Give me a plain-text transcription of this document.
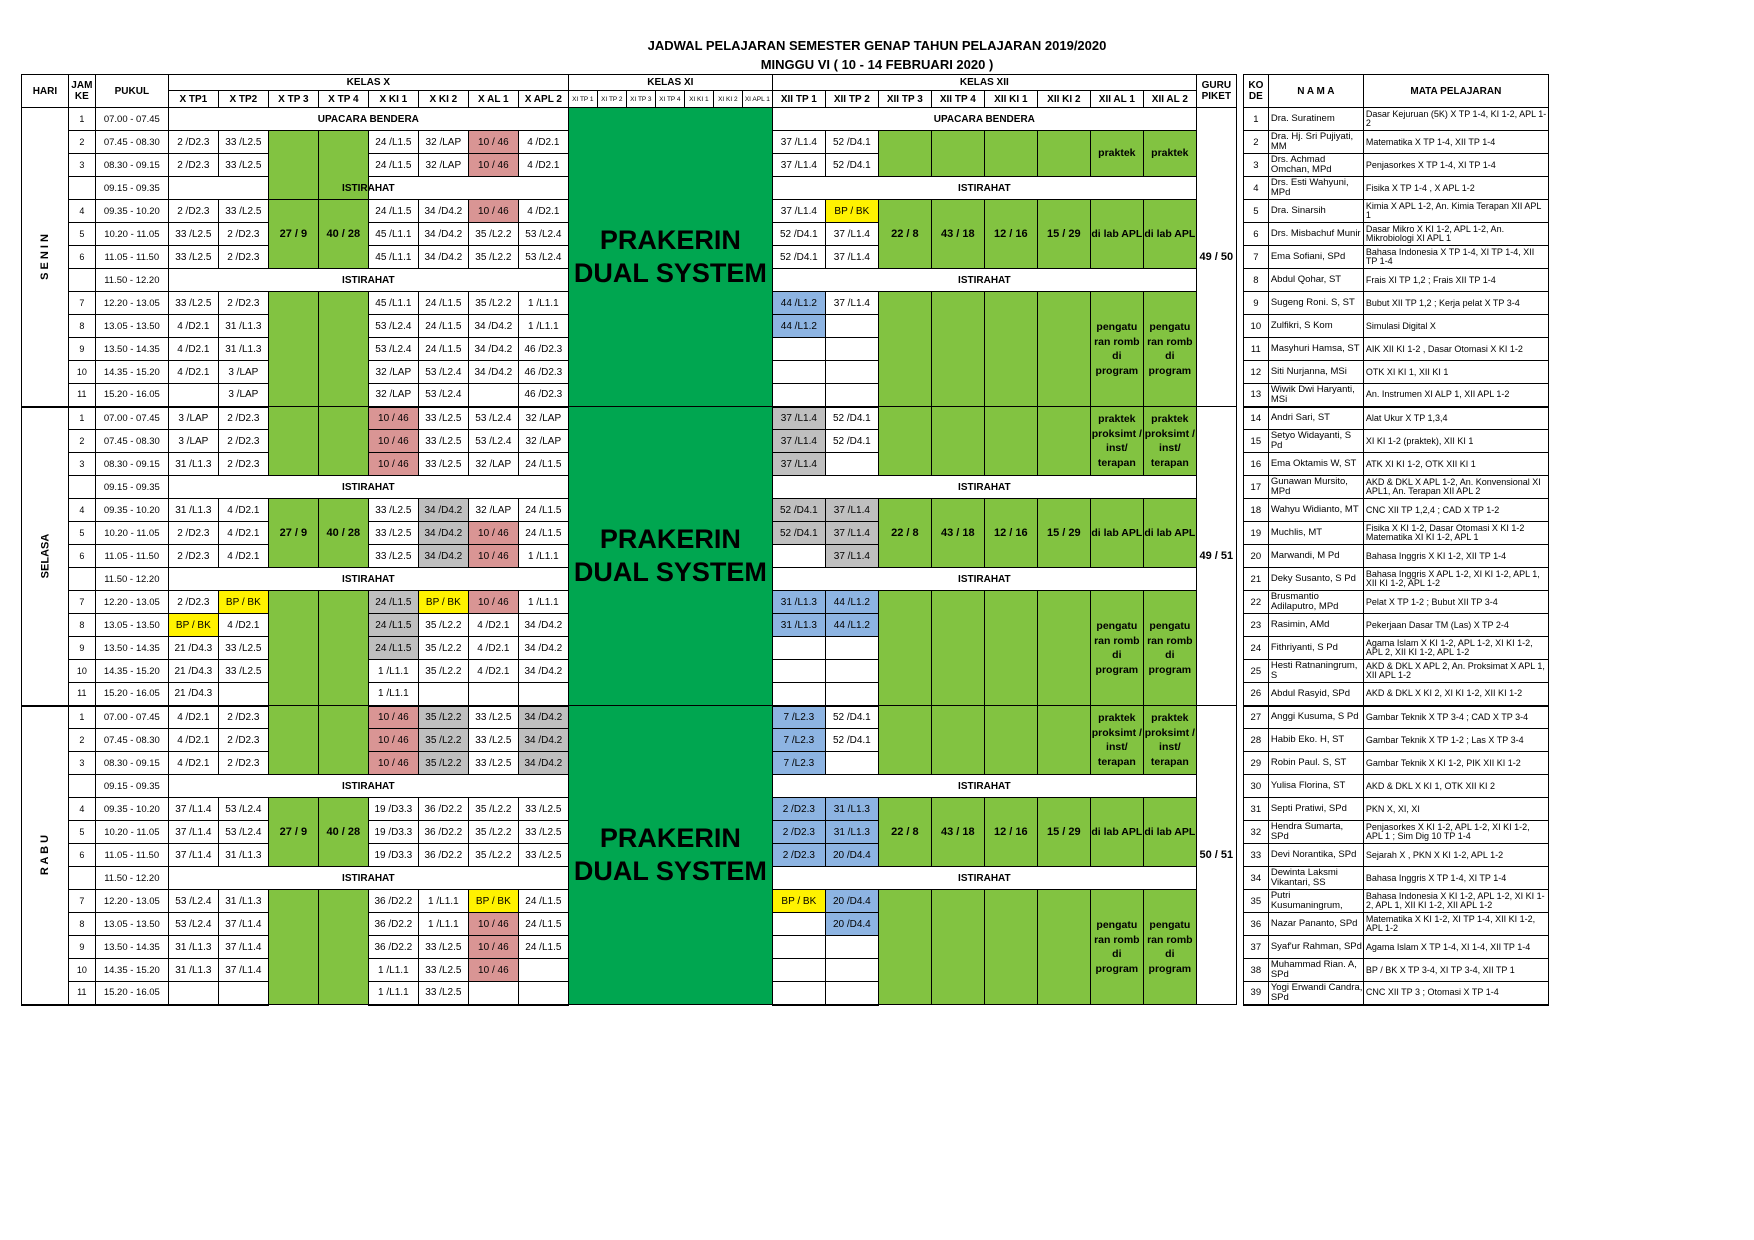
JADWAL PELAJARAN SEMESTER GENAP TAHUN PELAJARAN 2019/2020
MINGGU VI ( 10 - 14 FEBRUARI 2020 )
HARI	JAM KE	PUKUL	KELAS X								KELAS XI							KELAS XII								GURU PIKET		KO DE	N A M A	MATA PELAJARAN
			X TP1	X TP2	X TP 3	X TP 4	X KI 1	X KI 2	X AL 1	X APL 2	XI TP 1	XI TP 2	XI TP 3	XI TP 4	XI KI 1	XI KI 2	XI APL 1	XII TP 1	XII TP 2	XII TP 3	XII TP 4	XII KI 1	XII KI 2	XII AL 1	XII AL 2					
S E N I N	1	07.00 - 07.45	UPACARA BENDERA								PRAKERIN DUAL SYSTEM							UPACARA BENDERA								49 / 50		1	Dra. Suratinem	Dasar Kejuruan (5K) X TP 1-4, KI 1-2, APL 1-2
	2	07.45 - 08.30	2 /D2.3	33 /L2.5			24 /L1.5	32 /LAP	10 / 46	4 /D2.1								37 /L1.4	52 /D4.1					praktek	praktek			2	Dra. Hj. Sri Pujiyati, MM	Matematika X TP 1-4, XII TP 1-4
	3	08.30 - 09.15	2 /D2.3	33 /L2.5			24 /L1.5	32 /LAP	10 / 46	4 /D2.1								37 /L1.4	52 /D4.1									3	Drs. Achmad Omchan, MPd	Penjasorkes X TP 1-4, XI TP 1-4
		09.15 - 09.35	ISTIRAHAT															ISTIRAHAT										4	Drs. Esti Wahyuni, MPd	Fisika X TP 1-4 , X APL 1-2
	4	09.35 - 10.20	2 /D2.3	33 /L2.5	27 / 9	40 / 28	24 /L1.5	34 /D4.2	10 / 46	4 /D2.1								37 /L1.4	BP / BK	22 / 8	43 / 18	12 / 16	15 / 29	di lab APL	di lab APL			5	Dra. Sinarsih	Kimia X APL 1-2, An. Kimia Terapan XII APL 1
	5	10.20 - 11.05	33 /L2.5	2 /D2.3			45 /L1.1	34 /D4.2	35 /L2.2	53 /L2.4								52 /D4.1	37 /L1.4									6	Drs. Misbachuf Munir	Dasar Mikro X KI 1-2, APL 1-2, An. Mikrobiologi XI APL 1
	6	11.05 - 11.50	33 /L2.5	2 /D2.3			45 /L1.1	34 /D4.2	35 /L2.2	53 /L2.4								52 /D4.1	37 /L1.4									7	Ema Sofiani, SPd	Bahasa Indonesia X TP 1-4, XI TP 1-4, XII TP 1-4
		11.50 - 12.20	ISTIRAHAT															ISTIRAHAT										8	Abdul Qohar, ST	Frais XI TP 1,2 ; Frais XII TP 1-4
	7	12.20 - 13.05	33 /L2.5	2 /D2.3			45 /L1.1	24 /L1.5	35 /L2.2	1 /L1.1								44 /L1.2	37 /L1.4					pengatu ran romb di program	pengatu ran romb di program			9	Sugeng Roni. S, ST	Bubut XII TP 1,2 ; Kerja pelat X TP 3-4
	8	13.05 - 13.50	4 /D2.1	31 /L1.3			53 /L2.4	24 /L1.5	34 /D4.2	1 /L1.1								44 /L1.2										10	Zulfikri, S Kom	Simulasi Digital X
	9	13.50 - 14.35	4 /D2.1	31 /L1.3			53 /L2.4	24 /L1.5	34 /D4.2	46 /D2.3																		11	Masyhuri Hamsa, ST	AIK XII KI 1-2 , Dasar Otomasi X KI 1-2
	10	14.35 - 15.20	4 /D2.1	3 /LAP			32 /LAP	53 /L2.4	34 /D4.2	46 /D2.3																		12	Siti Nurjanna, MSi	OTK XI KI 1, XII KI 1
	11	15.20 - 16.05		3 /LAP			32 /LAP	53 /L2.4		46 /D2.3																		13	Wiwik Dwi Haryanti, MSi	An. Instrumen XI ALP 1, XII APL 1-2
SELASA	1	07.00 - 07.45	3 /LAP	2 /D2.3			10 / 46	33 /L2.5	53 /L2.4	32 /LAP	PRAKERIN DUAL SYSTEM							37 /L1.4	52 /D4.1					praktek proksimt / inst/ terapan	praktek proksimt / inst/ terapan	49 / 51		14	Andri Sari, ST	Alat Ukur X TP 1,3,4
	2	07.45 - 08.30	3 /LAP	2 /D2.3			10 / 46	33 /L2.5	53 /L2.4	32 /LAP								37 /L1.4	52 /D4.1									15	Setyo Widayanti, S Pd	XI KI 1-2 (praktek), XII KI 1
	3	08.30 - 09.15	31 /L1.3	2 /D2.3			10 / 46	33 /L2.5	32 /LAP	24 /L1.5								37 /L1.4										16	Ema Oktamis W, ST	ATK XI KI 1-2, OTK XII KI 1
		09.15 - 09.35	ISTIRAHAT															ISTIRAHAT										17	Gunawan Mursito, MPd	AKD & DKL X APL 1-2, An. Konvensional XI APL1, An. Terapan XII APL 2
	4	09.35 - 10.20	31 /L1.3	4 /D2.1	27 / 9	40 / 28	33 /L2.5	34 /D4.2	32 /LAP	24 /L1.5								52 /D4.1	37 /L1.4	22 / 8	43 / 18	12 / 16	15 / 29	di lab APL	di lab APL			18	Wahyu Widianto, MT	CNC XII TP 1,2,4 ; CAD X TP 1-2
	5	10.20 - 11.05	2 /D2.3	4 /D2.1			33 /L2.5	34 /D4.2	10 / 46	24 /L1.5								52 /D4.1	37 /L1.4									19	Muchlis, MT	Fisika X KI 1-2, Dasar Otomasi X KI 1-2 Matematika XI KI 1-2, APL 1
	6	11.05 - 11.50	2 /D2.3	4 /D2.1			33 /L2.5	34 /D4.2	10 / 46	1 /L1.1									37 /L1.4									20	Marwandi, M Pd	Bahasa Inggris X KI 1-2, XII TP 1-4
		11.50 - 12.20	ISTIRAHAT															ISTIRAHAT										21	Deky Susanto, S Pd	Bahasa Inggris X APL 1-2, XI KI 1-2, APL 1, XII KI 1-2, APL 1-2
	7	12.20 - 13.05	2 /D2.3	BP / BK			24 /L1.5	BP / BK	10 / 46	1 /L1.1								31 /L1.3	44 /L1.2					pengatu ran romb di program	pengatu ran romb di program			22	Brusmantio Adilaputro, MPd	Pelat X TP 1-2 ; Bubut XII TP 3-4
	8	13.05 - 13.50	BP / BK	4 /D2.1			24 /L1.5	35 /L2.2	4 /D2.1	34 /D4.2								31 /L1.3	44 /L1.2									23	Rasimin, AMd	Pekerjaan Dasar TM (Las) X TP 2-4
	9	13.50 - 14.35	21 /D4.3	33 /L2.5			24 /L1.5	35 /L2.2	4 /D2.1	34 /D4.2																		24	Fithriyanti, S Pd	Agama Islam X KI 1-2, APL 1-2, XI KI 1-2, APL 2, XII KI 1-2, APL 1-2
	10	14.35 - 15.20	21 /D4.3	33 /L2.5			1 /L1.1	35 /L2.2	4 /D2.1	34 /D4.2																		25	Hesti Ratnaningrum, S	AKD & DKL X APL 2, An. Proksimat X APL 1, XII APL 1-2
	11	15.20 - 16.05	21 /D4.3				1 /L1.1																					26	Abdul Rasyid, SPd	AKD & DKL X KI 2, XI KI 1-2, XII KI 1-2
R A B U	1	07.00 - 07.45	4 /D2.1	2 /D2.3			10 / 46	35 /L2.2	33 /L2.5	34 /D4.2	PRAKERIN DUAL SYSTEM							7 /L2.3	52 /D4.1					praktek proksimt / inst/ terapan	praktek proksimt / inst/ terapan	50 / 51		27	Anggi Kusuma, S Pd	Gambar Teknik X TP 3-4 ; CAD X TP 3-4
	2	07.45 - 08.30	4 /D2.1	2 /D2.3			10 / 46	35 /L2.2	33 /L2.5	34 /D4.2								7 /L2.3	52 /D4.1									28	Habib Eko. H, ST	Gambar Teknik X TP 1-2 ; Las X TP 3-4
	3	08.30 - 09.15	4 /D2.1	2 /D2.3			10 / 46	35 /L2.2	33 /L2.5	34 /D4.2								7 /L2.3										29	Robin Paul. S, ST	Gambar Teknik X KI 1-2, PIK XII KI 1-2
		09.15 - 09.35	ISTIRAHAT															ISTIRAHAT										30	Yulisa Florina, ST	AKD & DKL X KI 1, OTK XII KI 2
	4	09.35 - 10.20	37 /L1.4	53 /L2.4	27 / 9	40 / 28	19 /D3.3	36 /D2.2	35 /L2.2	33 /L2.5								2 /D2.3	31 /L1.3	22 / 8	43 / 18	12 / 16	15 / 29	di lab APL	di lab APL			31	Septi Pratiwi, SPd	PKN X, XI, XI
	5	10.20 - 11.05	37 /L1.4	53 /L2.4			19 /D3.3	36 /D2.2	35 /L2.2	33 /L2.5								2 /D2.3	31 /L1.3									32	Hendra Sumarta, SPd	Penjasorkes X KI 1-2, APL 1-2, XI KI 1-2, APL 1 ; Sim Dig 10 TP 1-4
	6	11.05 - 11.50	37 /L1.4	31 /L1.3			19 /D3.3	36 /D2.2	35 /L2.2	33 /L2.5								2 /D2.3	20 /D4.4									33	Devi Norantika, SPd	Sejarah X , PKN X KI 1-2, APL 1-2
		11.50 - 12.20	ISTIRAHAT															ISTIRAHAT										34	Dewinta Laksmi Vikantari, SS	Bahasa Inggris X TP 1-4, XI TP 1-4
	7	12.20 - 13.05	53 /L2.4	31 /L1.3			36 /D2.2	1 /L1.1	BP / BK	24 /L1.5								BP / BK	20 /D4.4					pengatu ran romb di program	pengatu ran romb di program			35	Putri Kusumaningrum,	Bahasa Indonesia X KI 1-2, APL 1-2, XI KI 1-2, APL 1, XII KI 1-2, XII APL 1-2
	8	13.05 - 13.50	53 /L2.4	37 /L1.4			36 /D2.2	1 /L1.1	10 / 46	24 /L1.5									20 /D4.4									36	Nazar Pananto, SPd	Matematika X KI 1-2, XI TP 1-4, XII KI 1-2, APL 1-2
	9	13.50 - 14.35	31 /L1.3	37 /L1.4			36 /D2.2	33 /L2.5	10 / 46	24 /L1.5																		37	Syaf'ur Rahman, SPd	Agama Islam X TP 1-4, XI 1-4, XII TP 1-4
	10	14.35 - 15.20	31 /L1.3	37 /L1.4			1 /L1.1	33 /L2.5	10 / 46																			38	Muhammad Rian. A, SPd	BP / BK X TP 3-4, XI TP 3-4, XII TP 1
	11	15.20 - 16.05					1 /L1.1	33 /L2.5																				39	Yogi Erwandi Candra, SPd	CNC XII TP 3 ; Otomasi X TP 1-4
